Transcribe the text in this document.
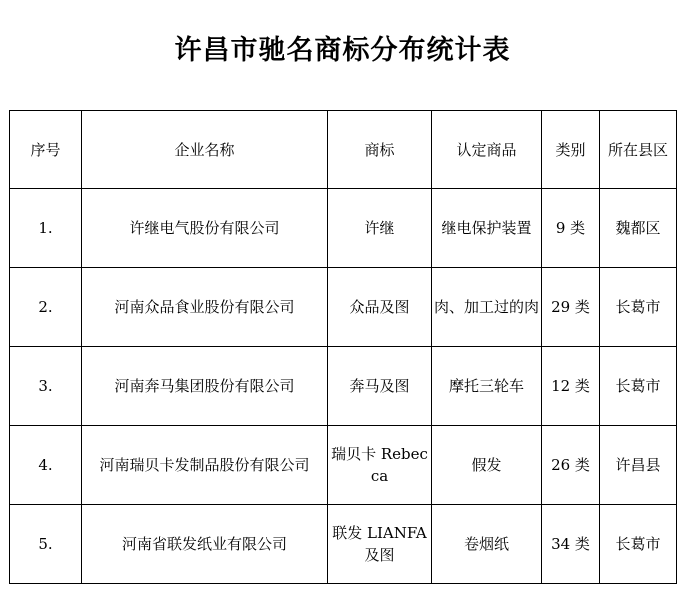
许昌市驰名商标分布统计表
序号	企业名称	商标	认定商品	类别	所在县区
1.	许继电气股份有限公司	许继	继电保护装置	9 类	魏都区
2.	河南众品食业股份有限公司	众品及图	肉、加工过的肉	29 类	长葛市
3.	河南奔马集团股份有限公司	奔马及图	摩托三轮车	12 类	长葛市
4.	河南瑞贝卡发制品股份有限公司	瑞贝卡 Rebecca	假发	26 类	许昌县
5.	河南省联发纸业有限公司	联发 LIANFA 及图	卷烟纸	34 类	长葛市
